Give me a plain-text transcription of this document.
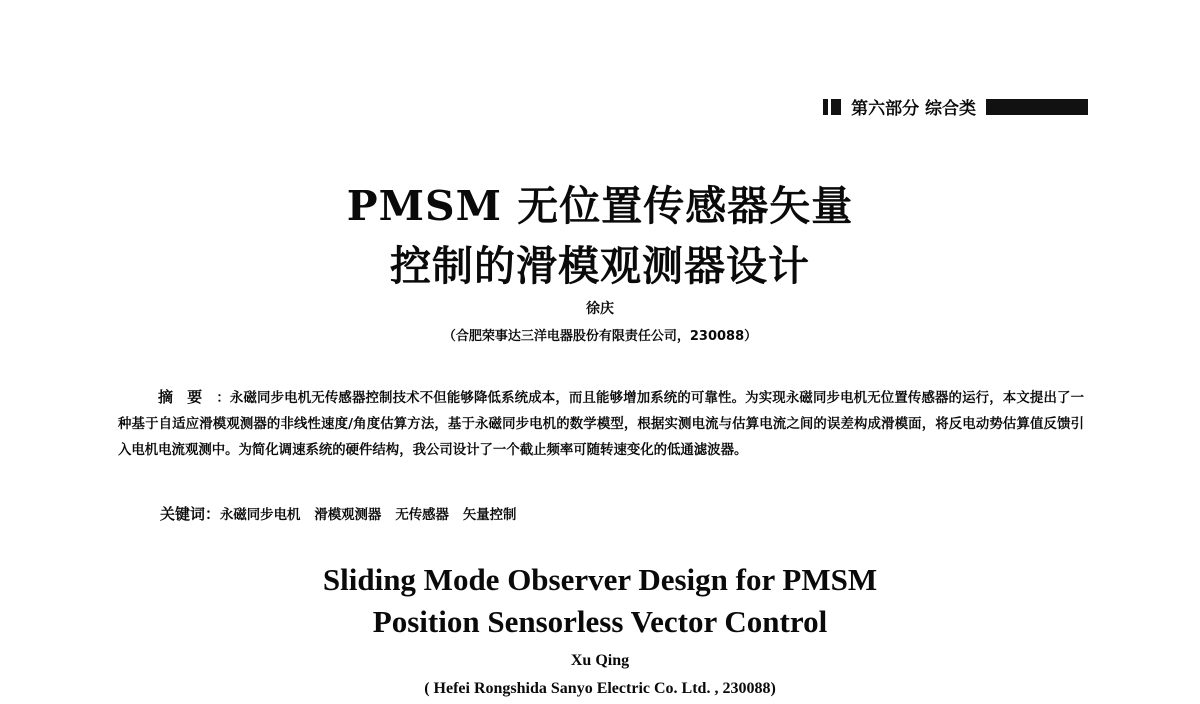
第六部分 综合类
PMSM 无位置传感器矢量
控制的滑模观测器设计
徐庆
（合肥荣事达三洋电器股份有限责任公司，230088）
摘要：永磁同步电机无传感器控制技术不但能够降低系统成本，而且能够增加系统的可靠性。为实现永磁同步电机无位置传感器的运行，本文提出了一种基于自适应滑模观测器的非线性速度/角度估算方法，基于永磁同步电机的数学模型，根据实测电流与估算电流之间的误差构成滑模面，将反电动势估算值反馈引入电机电流观测中。为简化调速系统的硬件结构，我公司设计了一个截止频率可随转速变化的低通滤波器。
关键词：永磁同步电机 滑模观测器 无传感器 矢量控制
Sliding Mode Observer Design for PMSM
Position Sensorless Vector Control
Xu Qing
( Hefei Rongshida Sanyo Electric Co. Ltd. , 230088)
